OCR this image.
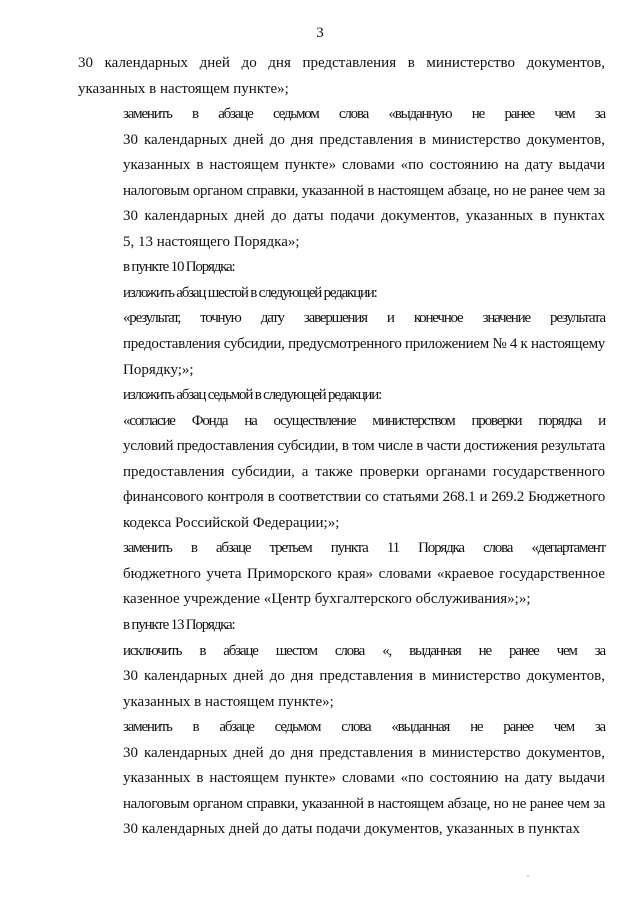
3
30 календарных дней до дня представления в министерство документов,
указанных в настоящем пункте»;
заменить в абзаце седьмом слова «выданную не ранее чем за
30 календарных дней до дня представления в министерство документов,
указанных в настоящем пункте» словами «по состоянию на дату выдачи
налоговым органом справки, указанной в настоящем абзаце, но не ранее чем за
30 календарных дней до даты подачи документов, указанных в пунктах
5, 13 настоящего Порядка»;
в пункте 10 Порядка:
изложить абзац шестой в следующей редакции:
«результат, точную дату завершения и конечное значение результата
предоставления субсидии, предусмотренного приложением № 4 к настоящему
Порядку;»;
изложить абзац седьмой в следующей редакции:
«согласие Фонда на осуществление министерством проверки порядка и
условий предоставления субсидии, в том числе в части достижения результата
предоставления субсидии, а также проверки органами государственного
финансового контроля в соответствии со статьями 268.1 и 269.2 Бюджетного
кодекса Российской Федерации;»;
заменить в абзаце третьем пункта 11 Порядка слова «департамент
бюджетного учета Приморского края» словами «краевое государственное
казенное учреждение «Центр бухгалтерского обслуживания»;»;
в пункте 13 Порядка:
исключить в абзаце шестом слова «, выданная не ранее чем за
30 календарных дней до дня представления в министерство документов,
указанных в настоящем пункте»;
заменить в абзаце седьмом слова «выданная не ранее чем за
30 календарных дней до дня представления в министерство документов,
указанных в настоящем пункте» словами «по состоянию на дату выдачи
налоговым органом справки, указанной в настоящем абзаце, но не ранее чем за
30 календарных дней до даты подачи документов, указанных в пунктах
